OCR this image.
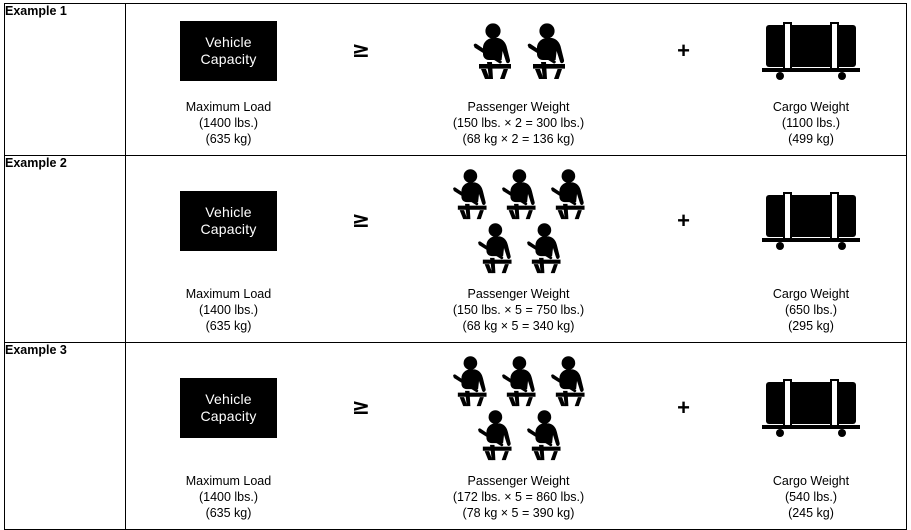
Example 1	
Vehicle
Capacity
Maximum Load
(1400 lbs.)
(635 kg)
≥
Passenger Weight
(150 lbs. × 2 = 300 lbs.)
(68 kg × 2 = 136 kg)
+
Cargo Weight
(1100 lbs.)
(499 kg)

Example 2	
Vehicle
Capacity
Maximum Load
(1400 lbs.)
(635 kg)
≥
Passenger Weight
(150 lbs. × 5 = 750 lbs.)
(68 kg × 5 = 340 kg)
+
Cargo Weight
(650 lbs.)
(295 kg)

Example 3	
Vehicle
Capacity
Maximum Load
(1400 lbs.)
(635 kg)
≥
Passenger Weight
(172 lbs. × 5 = 860 lbs.)
(78 kg × 5 = 390 kg)
+
Cargo Weight
(540 lbs.)
(245 kg)
